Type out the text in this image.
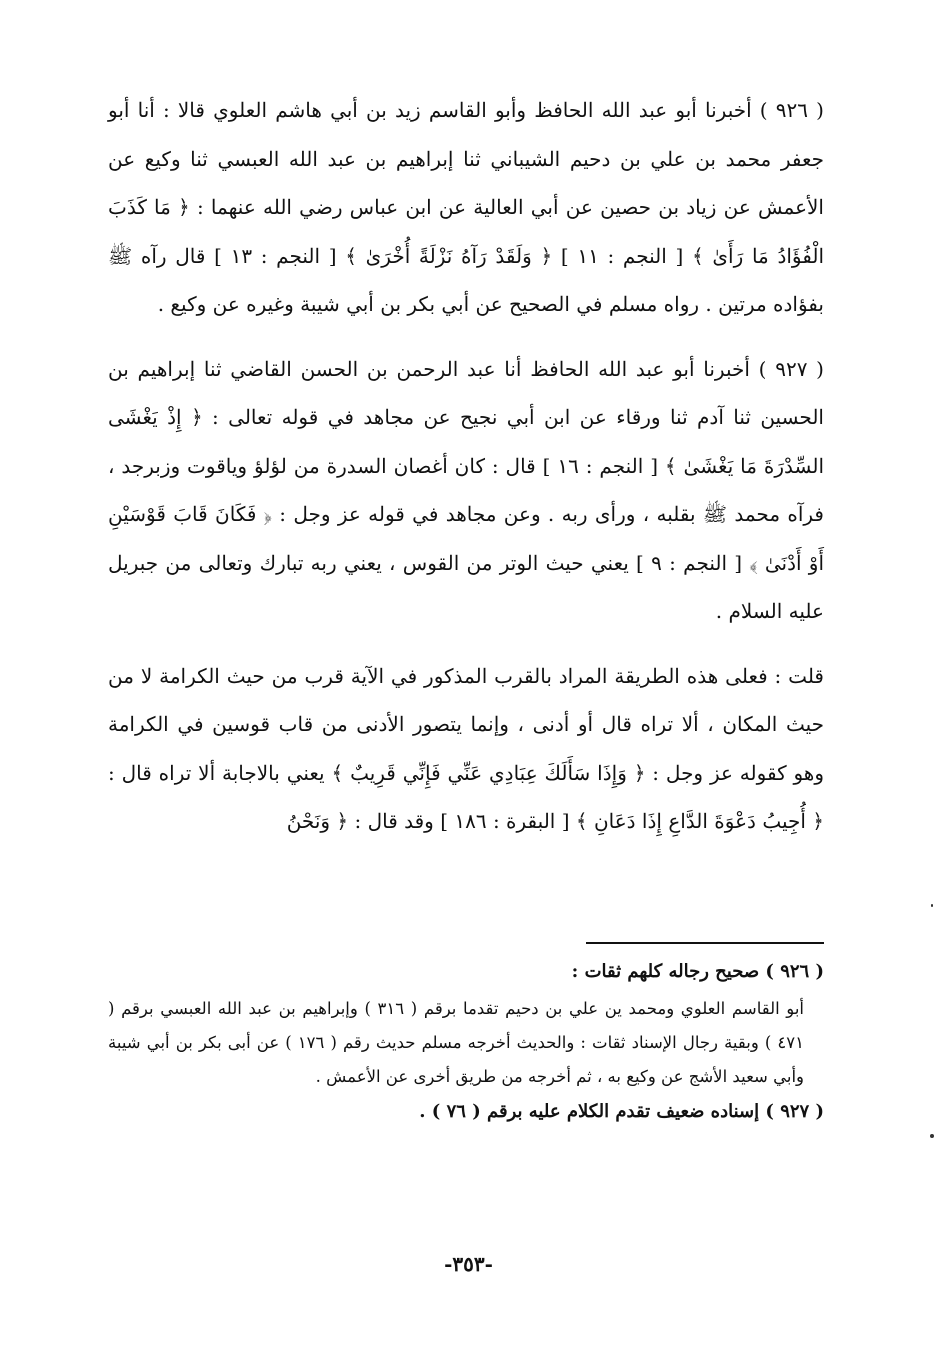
( ٩٢٦ ) أخبرنا أبو عبد الله الحافظ وأبو القاسم زيد بن أبي هاشم العلوي قالا : أنا أبو جعفر محمد بن علي بن دحيم الشيباني ثنا إبراهيم بن عبد الله العبسي ثنا وكيع عن الأعمش عن زياد بن حصين عن أبي العالية عن ابن عباس رضي الله عنهما : ﴿ مَا كَذَبَ الْفُؤَادُ مَا رَأَىٰ ﴾ [ النجم : ١١ ] ﴿ وَلَقَدْ رَآهُ نَزْلَةً أُخْرَىٰ ﴾ [ النجم : ١٣ ] قال رآه ﷺ بفؤاده مرتين . رواه مسلم في الصحيح عن أبي بكر بن أبي شيبة وغيره عن وكيع .

( ٩٢٧ ) أخبرنا أبو عبد الله الحافظ أنا عبد الرحمن بن الحسن القاضي ثنا إبراهيم بن الحسين ثنا آدم ثنا ورقاء عن ابن أبي نجيح عن مجاهد في قوله تعالى : ﴿ إِذْ يَغْشَى السِّدْرَةَ مَا يَغْشَىٰ ﴾ [ النجم : ١٦ ] قال : كان أغصان السدرة من لؤلؤ وياقوت وزبرجد ، فرآه محمد ﷺ بقلبه ، ورأى ربه . وعن مجاهد في قوله عز وجل : ﴿ فَكَانَ قَابَ قَوْسَيْنِ أَوْ أَدْنَىٰ ﴾ [ النجم : ٩ ] يعني حيث الوتر من القوس ، يعني ربه تبارك وتعالى من جبريل عليه السلام .

قلت : فعلى هذه الطريقة المراد بالقرب المذكور في الآية قرب من حيث الكرامة لا من حيث المكان ، ألا تراه قال أو أدنى ، وإنما يتصور الأدنى من قاب قوسين في الكرامة وهو كقوله عز وجل : ﴿ وَإِذَا سَأَلَكَ عِبَادِي عَنِّي فَإِنِّي قَرِيبٌ ﴾ يعني بالاجابة ألا تراه قال : ﴿ أُجِيبُ دَعْوَةَ الدَّاعِ إِذَا دَعَانِ ﴾ [ البقرة : ١٨٦ ] وقد قال : ﴿ وَنَحْنُ

( ٩٢٦ ) صحيح رجاله كلهم ثقات :

أبو القاسم العلوي ومحمد ين علي بن دحيم تقدما برقم ( ٣١٦ ) وإبراهيم بن عبد الله العبسي برقم ( ٤٧١ ) وبقية رجال الإسناد ثقات : والحديث أخرجه مسلم حديث رقم ( ١٧٦ ) عن أبى بكر بن أبي شيبة وأبي سعيد الأشج عن وكيع به ، ثم أخرجه من طريق أخرى عن الأعمش .

( ٩٢٧ ) إسناده ضعيف تقدم الكلام عليه برقم ( ٧٦ ) .

-٣٥٣-
